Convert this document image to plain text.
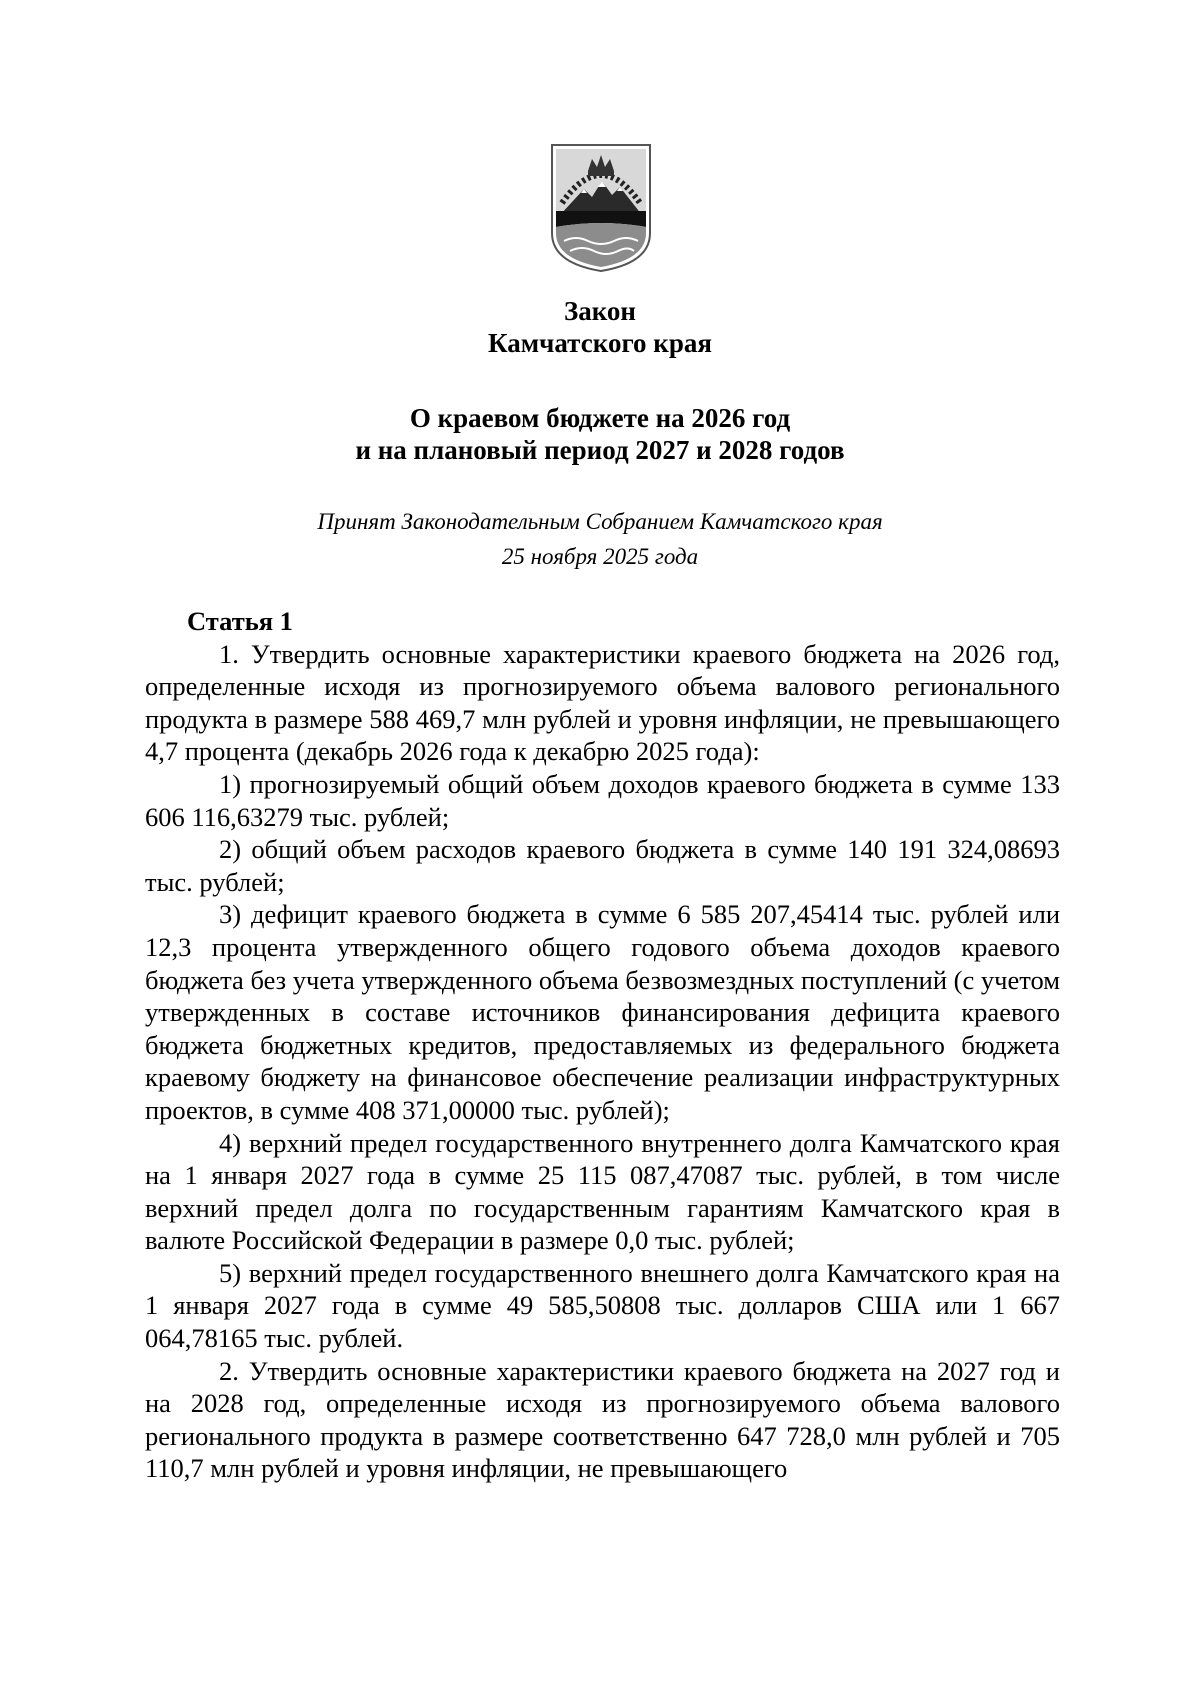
Закон
Камчатского края
О краевом бюджете на 2026 год
и на плановый период 2027 и 2028 годов
Принят Законодательным Собранием Камчатского края
25 ноября 2025 года
Статья 1

1. Утвердить основные характеристики краевого бюджета на 2026 год, определенные исходя из прогнозируемого объема валового регионального продукта в размере 588 469,7 млн рублей и уровня инфляции, не превышающего 4,7 процента (декабрь 2026 года к декабрю 2025 года):

1) прогнозируемый общий объем доходов краевого бюджета в сумме 133 606 116,63279 тыс. рублей;

2) общий объем расходов краевого бюджета в сумме 140 191 324,08693 тыс. рублей;

3) дефицит краевого бюджета в сумме 6 585 207,45414 тыс. рублей или 12,3 процента утвержденного общего годового объема доходов краевого бюджета без учета утвержденного объема безвозмездных поступлений (с учетом утвержденных в составе источников финансирования дефицита краевого бюджета бюджетных кредитов, предоставляемых из федерального бюджета краевому бюджету на финансовое обеспечение реализации инфраструктурных проектов, в сумме 408 371,00000 тыс. рублей);

4) верхний предел государственного внутреннего долга Камчатского края на 1 января 2027 года в сумме 25 115 087,47087 тыс. рублей, в том числе верхний предел долга по государственным гарантиям Камчатского края в валюте Российской Федерации в размере 0,0 тыс. рублей;

5) верхний предел государственного внешнего долга Камчатского края на 1 января 2027 года в сумме 49 585,50808 тыс. долларов США или 1 667 064,78165 тыс. рублей.

2. Утвердить основные характеристики краевого бюджета на 2027 год и на 2028 год, определенные исходя из прогнозируемого объема валового регионального продукта в размере соответственно 647 728,0 млн рублей и 705 110,7 млн рублей и уровня инфляции, не превышающего
